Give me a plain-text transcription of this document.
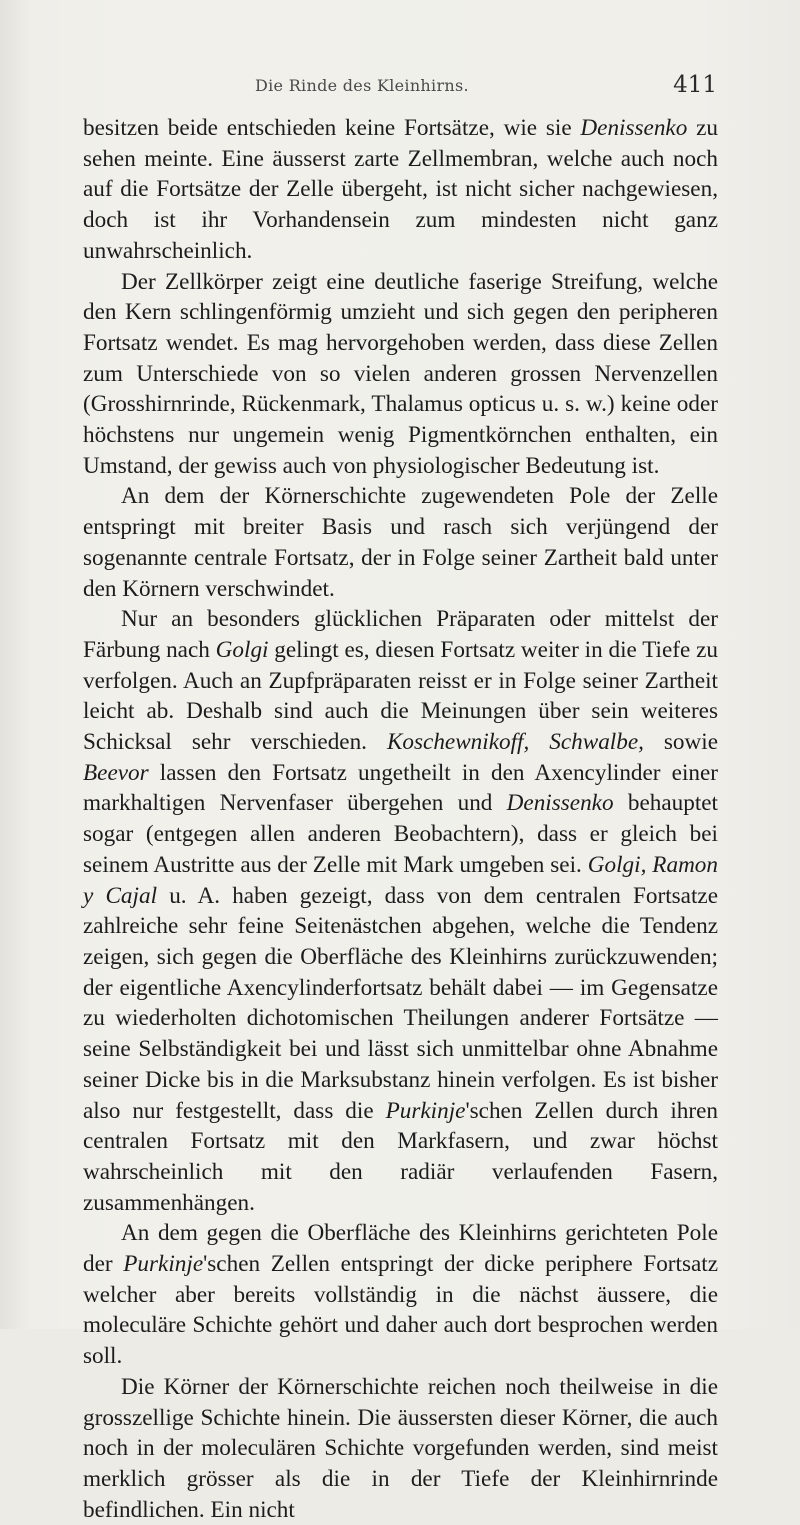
Die Rinde des Kleinhirns.	411

besitzen beide entschieden keine Fortsätze, wie sie Denissenko zu sehen meinte. Eine äusserst zarte Zellmembran, welche auch noch auf die Fortsätze der Zelle übergeht, ist nicht sicher nachgewiesen, doch ist ihr Vorhandensein zum mindesten nicht ganz unwahrscheinlich.

Der Zellkörper zeigt eine deutliche faserige Streifung, welche den Kern schlingenförmig umzieht und sich gegen den peripheren Fortsatz wendet. Es mag hervorgehoben werden, dass diese Zellen zum Unterschiede von so vielen anderen grossen Nervenzellen (Grosshirnrinde, Rückenmark, Thalamus opticus u. s. w.) keine oder höchstens nur ungemein wenig Pigmentkörnchen enthalten, ein Umstand, der gewiss auch von physiologischer Bedeutung ist.

An dem der Körnerschichte zugewendeten Pole der Zelle entspringt mit breiter Basis und rasch sich verjüngend der sogenannte centrale Fortsatz, der in Folge seiner Zartheit bald unter den Körnern verschwindet.

Nur an besonders glücklichen Präparaten oder mittelst der Färbung nach Golgi gelingt es, diesen Fortsatz weiter in die Tiefe zu verfolgen. Auch an Zupfpräparaten reisst er in Folge seiner Zartheit leicht ab. Deshalb sind auch die Meinungen über sein weiteres Schicksal sehr verschieden. Koschewnikoff, Schwalbe, sowie Beevor lassen den Fortsatz ungetheilt in den Axencylinder einer markhaltigen Nervenfaser übergehen und Denissenko behauptet sogar (entgegen allen anderen Beobachtern), dass er gleich bei seinem Austritte aus der Zelle mit Mark umgeben sei. Golgi, Ramon y Cajal u. A. haben gezeigt, dass von dem centralen Fortsatze zahlreiche sehr feine Seitenästchen abgehen, welche die Tendenz zeigen, sich gegen die Oberfläche des Kleinhirns zurückzuwenden; der eigentliche Axencylinderfortsatz behält dabei — im Gegensatze zu wiederholten dichotomischen Theilungen anderer Fortsätze — seine Selbständigkeit bei und lässt sich unmittelbar ohne Abnahme seiner Dicke bis in die Marksubstanz hinein verfolgen. Es ist bisher also nur festgestellt, dass die Purkinje'schen Zellen durch ihren centralen Fortsatz mit den Markfasern, und zwar höchst wahrscheinlich mit den radiär verlaufenden Fasern, zusammenhängen.

An dem gegen die Oberfläche des Kleinhirns gerichteten Pole der Purkinje'schen Zellen entspringt der dicke periphere Fortsatz welcher aber bereits vollständig in die nächst äussere, die moleculäre Schichte gehört und daher auch dort besprochen werden soll.

Die Körner der Körnerschichte reichen noch theilweise in die grosszellige Schichte hinein. Die äussersten dieser Körner, die auch noch in der moleculären Schichte vorgefunden werden, sind meist merklich grösser als die in der Tiefe der Kleinhirnrinde befindlichen. Ein nicht
